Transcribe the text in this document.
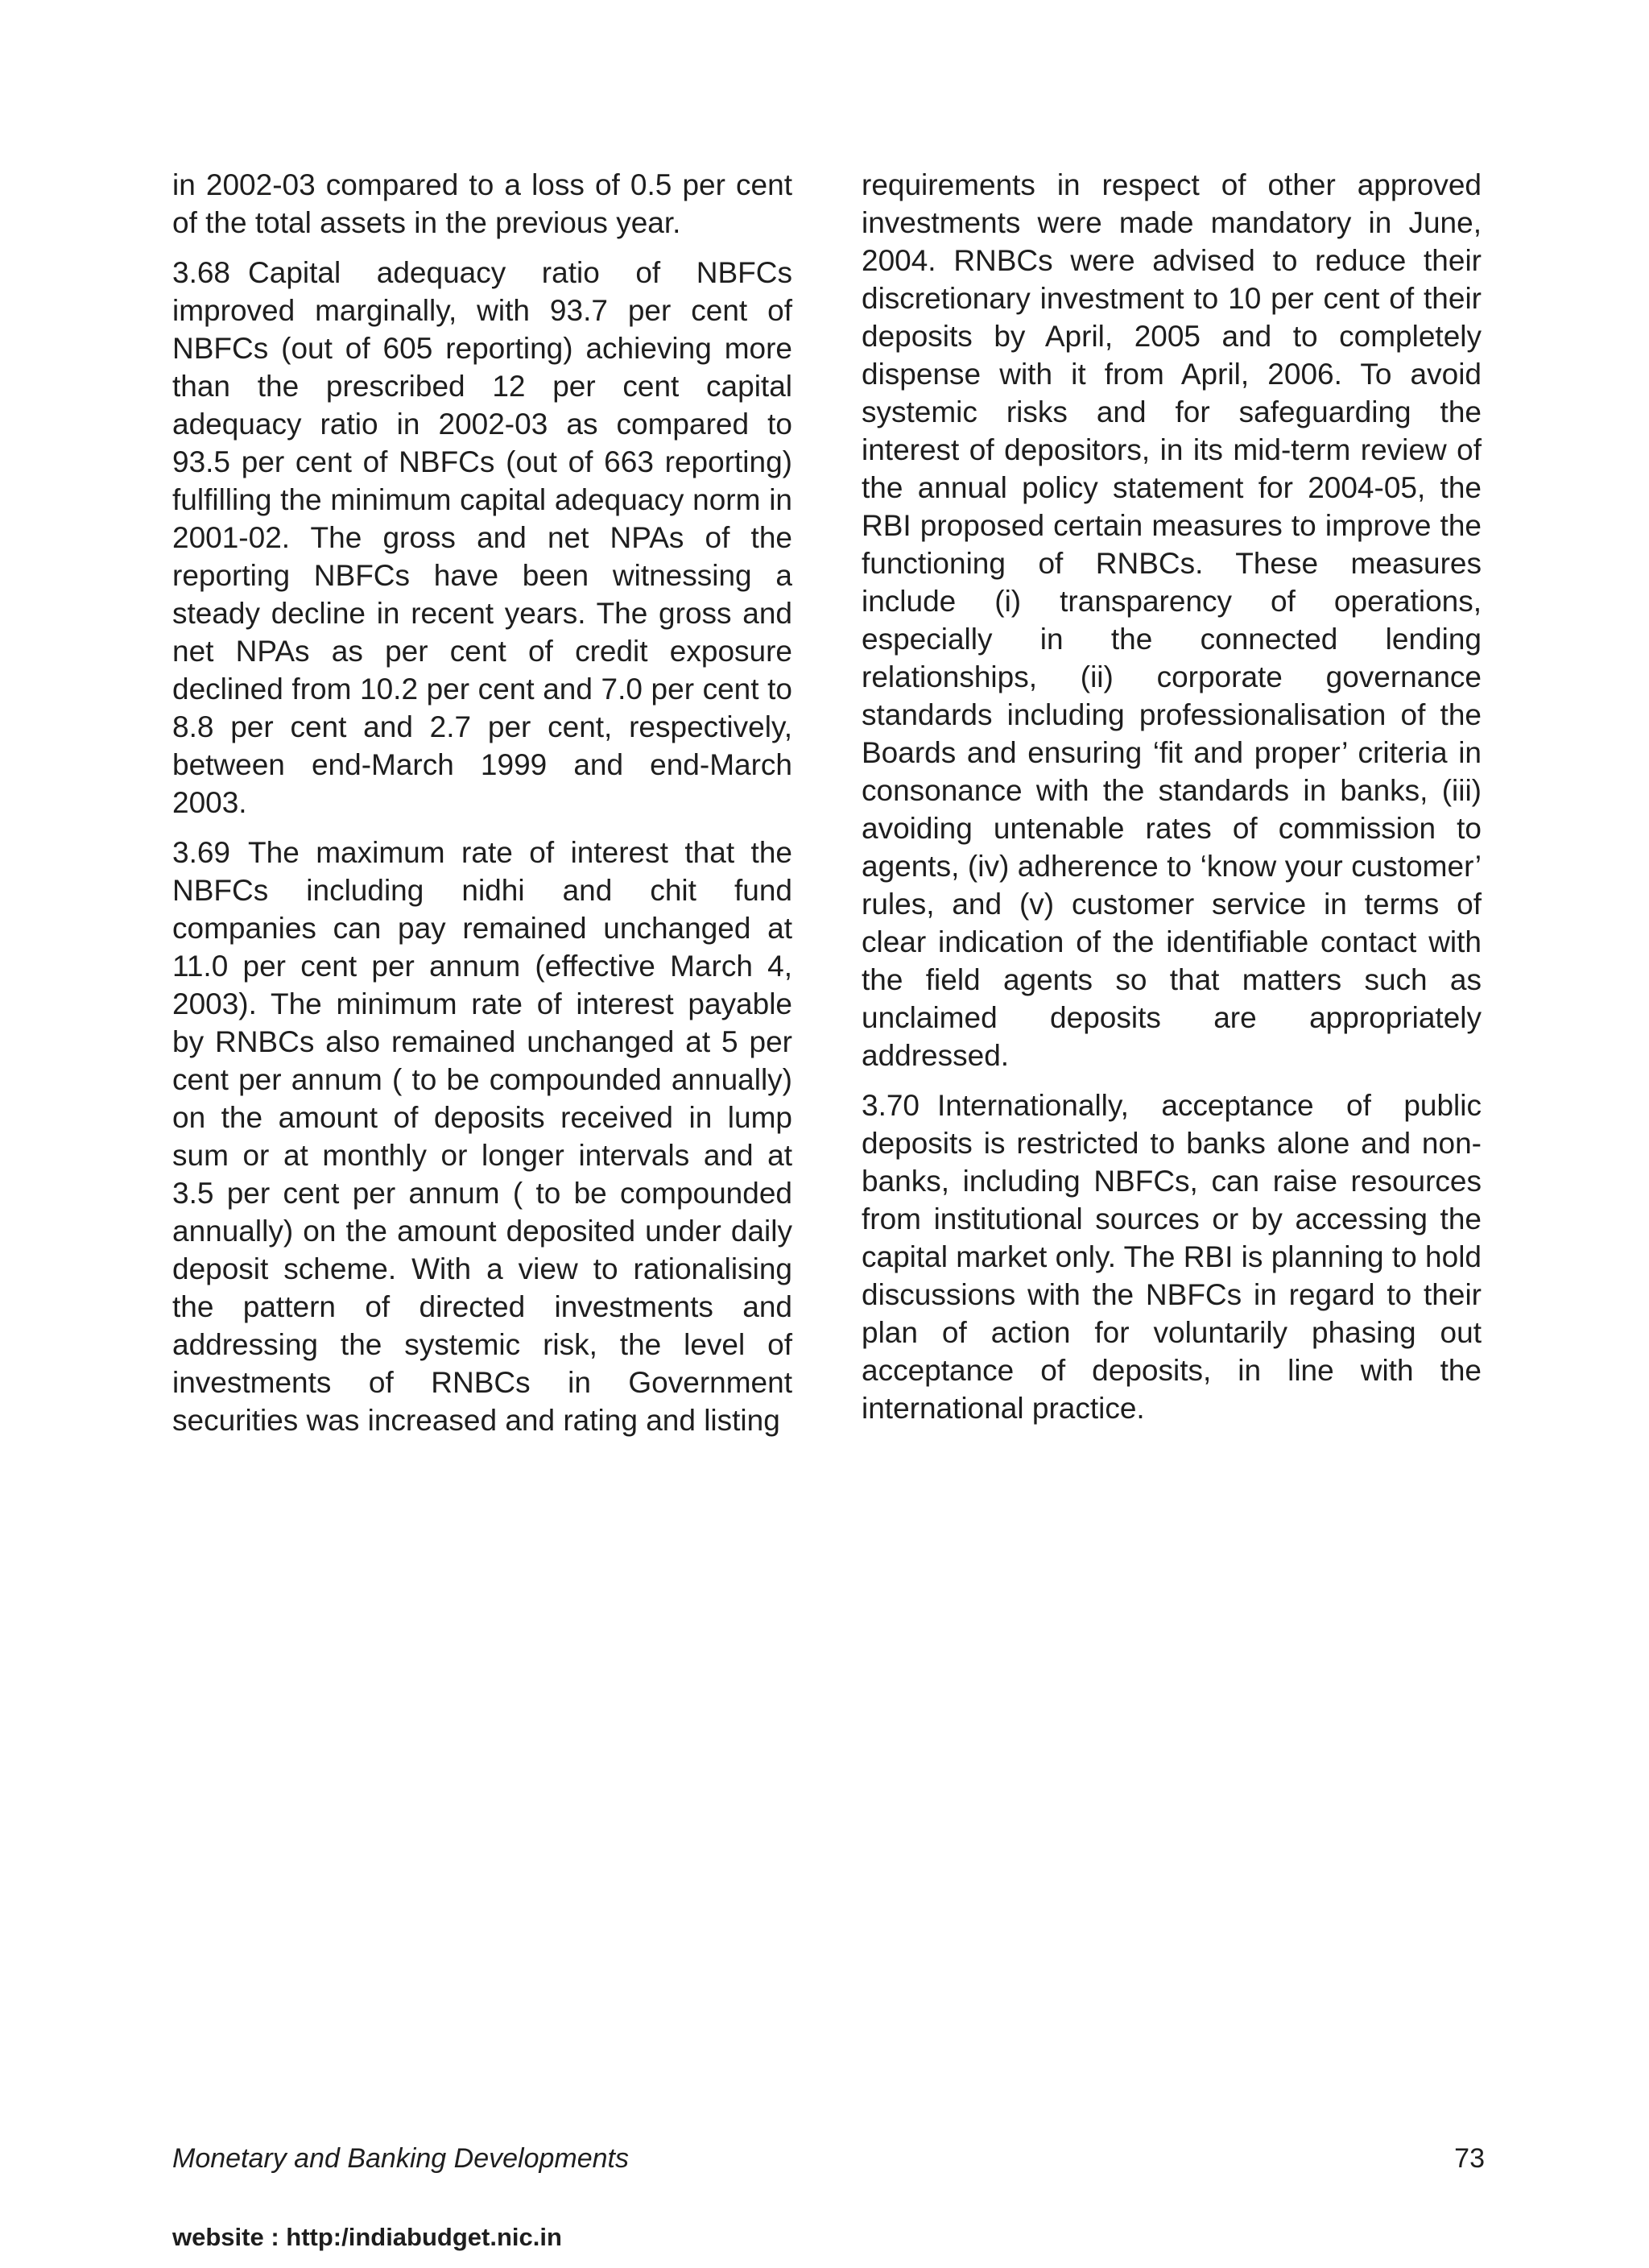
in 2002-03 compared to a loss of 0.5 per cent of the total assets in the previous year.

3.68 Capital adequacy ratio of NBFCs improved marginally, with 93.7 per cent of NBFCs (out of 605 reporting) achieving more than the prescribed 12 per cent capital adequacy ratio in 2002-03 as compared to 93.5 per cent of NBFCs (out of 663 reporting) fulfilling the minimum capital adequacy norm in 2001-02. The gross and net NPAs of the reporting NBFCs have been witnessing a steady decline in recent years. The gross and net NPAs as per cent of credit exposure declined from 10.2 per cent and 7.0 per cent to 8.8 per cent and 2.7 per cent, respectively, between end-March 1999 and end-March 2003.

3.69 The maximum rate of interest that the NBFCs including nidhi and chit fund companies can pay remained unchanged at 11.0 per cent per annum (effective March 4, 2003). The minimum rate of interest payable by RNBCs also remained unchanged at 5 per cent per annum ( to be compounded annually) on the amount of deposits received in lump sum or at monthly or longer intervals and at 3.5 per cent per annum ( to be compounded annually) on the amount deposited under daily deposit scheme. With a view to rationalising the pattern of directed investments and addressing the systemic risk, the level of investments of RNBCs in Government securities was increased and rating and listing

requirements in respect of other approved investments were made mandatory in June, 2004. RNBCs were advised to reduce their discretionary investment to 10 per cent of their deposits by April, 2005 and to completely dispense with it from April, 2006. To avoid systemic risks and for safeguarding the interest of depositors, in its mid-term review of the annual policy statement for 2004-05, the RBI proposed certain measures to improve the functioning of RNBCs. These measures include (i) transparency of operations, especially in the connected lending relationships, (ii) corporate governance standards including professionalisation of the Boards and ensuring ‘fit and proper’ criteria in consonance with the standards in banks, (iii) avoiding untenable rates of commission to agents, (iv) adherence to ‘know your customer’ rules, and (v) customer service in terms of clear indication of the identifiable contact with the field agents so that matters such as unclaimed deposits are appropriately addressed.

3.70 Internationally, acceptance of public deposits is restricted to banks alone and non-banks, including NBFCs, can raise resources from institutional sources or by accessing the capital market only. The RBI is planning to hold discussions with the NBFCs in regard to their plan of action for voluntarily phasing out acceptance of deposits, in line with the international practice.

Monetary and Banking Developments	73
website : http:/indiabudget.nic.in
